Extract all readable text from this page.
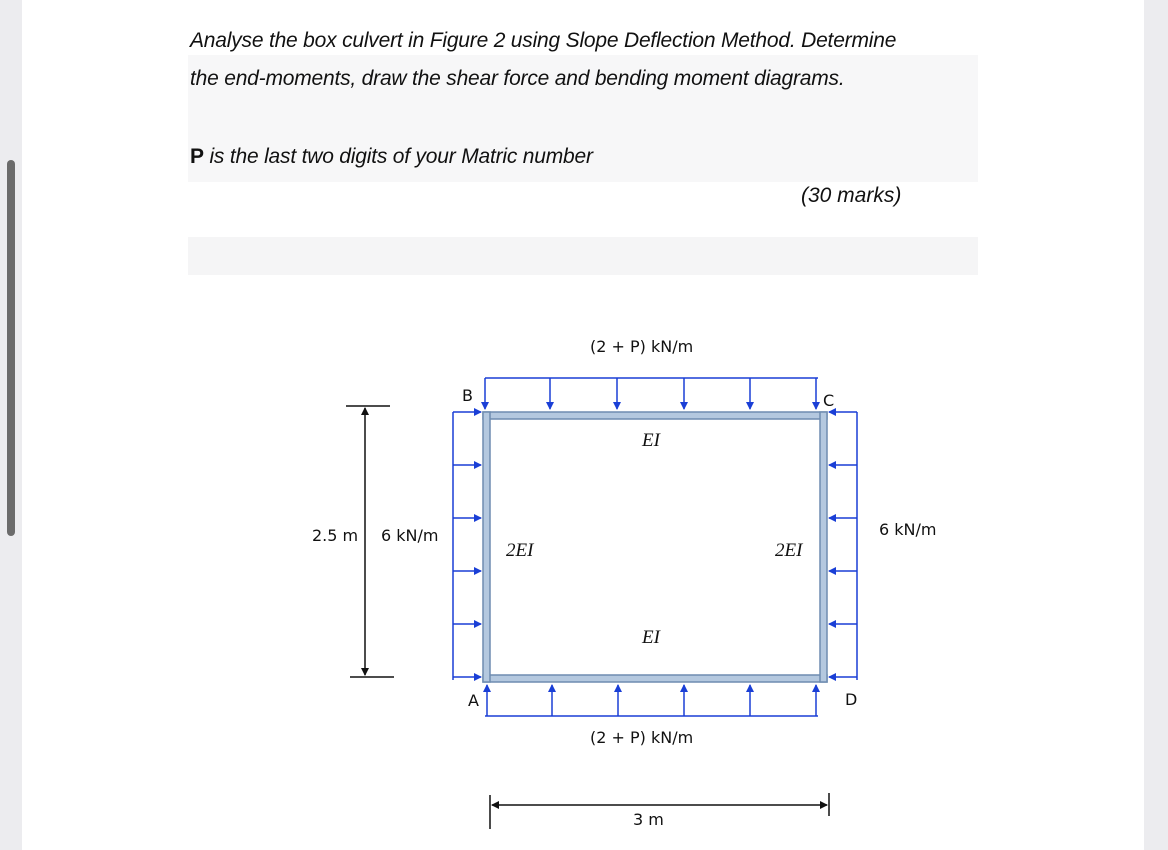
Analyse the box culvert in Figure 2 using Slope Deflection Method. Determine
the end-moments, draw the shear force and bending moment diagrams.
P is the last two digits of your Matric number
(30 marks)
(2 + P) kN/m
(2 + P) kN/m
6 kN/m	6 kN/m
2.5 m
3 m
EI
EI
2EI	2EI
B	C
A	D
